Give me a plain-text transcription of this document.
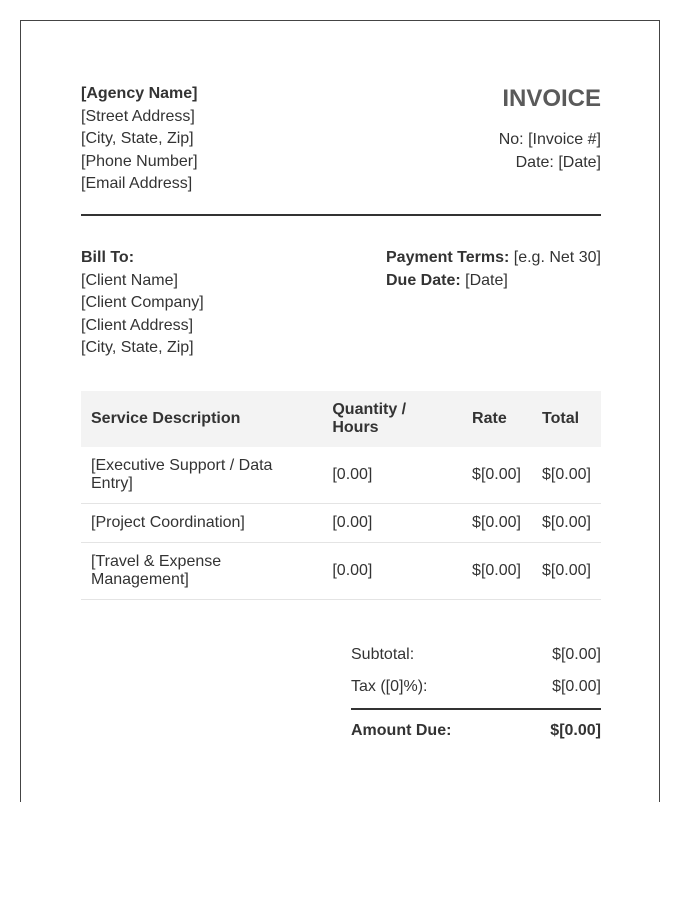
[Agency Name]
[Street Address]
[City, State, Zip]
[Phone Number]
[Email Address]
INVOICE
No: [Invoice #]
Date: [Date]
Bill To:
[Client Name]
[Client Company]
[Client Address]
[City, State, Zip]
Payment Terms: [e.g. Net 30]
Due Date: [Date]
Service Description	Quantity / Hours	Rate	Total
[Executive Support / Data Entry]	[0.00]	$[0.00]	$[0.00]
[Project Coordination]	[0.00]	$[0.00]	$[0.00]
[Travel & Expense Management]	[0.00]	$[0.00]	$[0.00]
Subtotal:	$[0.00]
Tax ([0]%):	$[0.00]
Amount Due:	$[0.00]
